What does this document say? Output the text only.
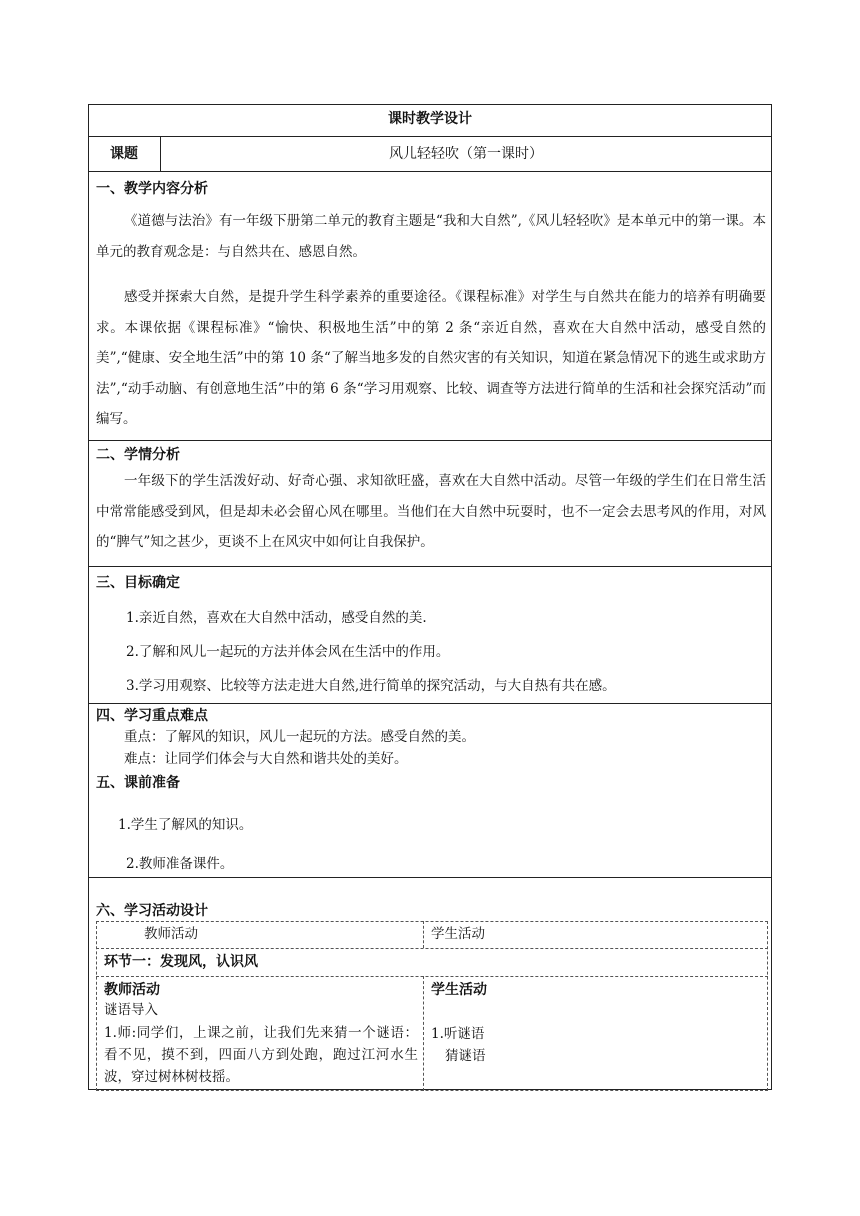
课时教学设计
课题	风儿轻轻吹（第一课时）
一、教学内容分析
《道德与法治》有一年级下册第二单元的教育主题是“我和大自然”,《风儿轻轻吹》是本单元中的第一课。本单元的教育观念是：与自然共在、感恩自然。
感受并探索大自然，是提升学生科学素养的重要途径。《课程标准》对学生与自然共在能力的培养有明确要求。本课依据《课程标准》“愉快、积极地生活”中的第 2 条“亲近自然，喜欢在大自然中活动，感受自然的美”,“健康、安全地生活”中的第 10 条“了解当地多发的自然灾害的有关知识，知道在紧急情况下的逃生或求助方法”,“动手动脑、有创意地生活”中的第 6 条“学习用观察、比较、调查等方法进行简单的生活和社会探究活动”而编写。
二、学情分析
一年级下的学生活泼好动、好奇心强、求知欲旺盛，喜欢在大自然中活动。尽管一年级的学生们在日常生活中常常能感受到风，但是却未必会留心风在哪里。当他们在大自然中玩耍时，也不一定会去思考风的作用，对风的“脾气”知之甚少，更谈不上在风灾中如何让自我保护。
三、目标确定
1.亲近自然，喜欢在大自然中活动，感受自然的美.
2.了解和风儿一起玩的方法并体会风在生活中的作用。
3.学习用观察、比较等方法走进大自然,进行简单的探究活动，与大自热有共在感。
四、学习重点难点
重点：了解风的知识，风儿一起玩的方法。感受自然的美。
难点：让同学们体会与大自然和谐共处的美好。
五、课前准备
1.学生了解风的知识。
2.教师准备课件。
六、学习活动设计
教师活动	学生活动
环节一：发现风，认识风
教师活动
谜语导入
1.师:同学们，上课之前，让我们先来猜一个谜语：看不见，摸不到，四面八方到处跑，跑过江河水生波，穿过树林树枝摇。
学生活动
1.听谜语
猜谜语
